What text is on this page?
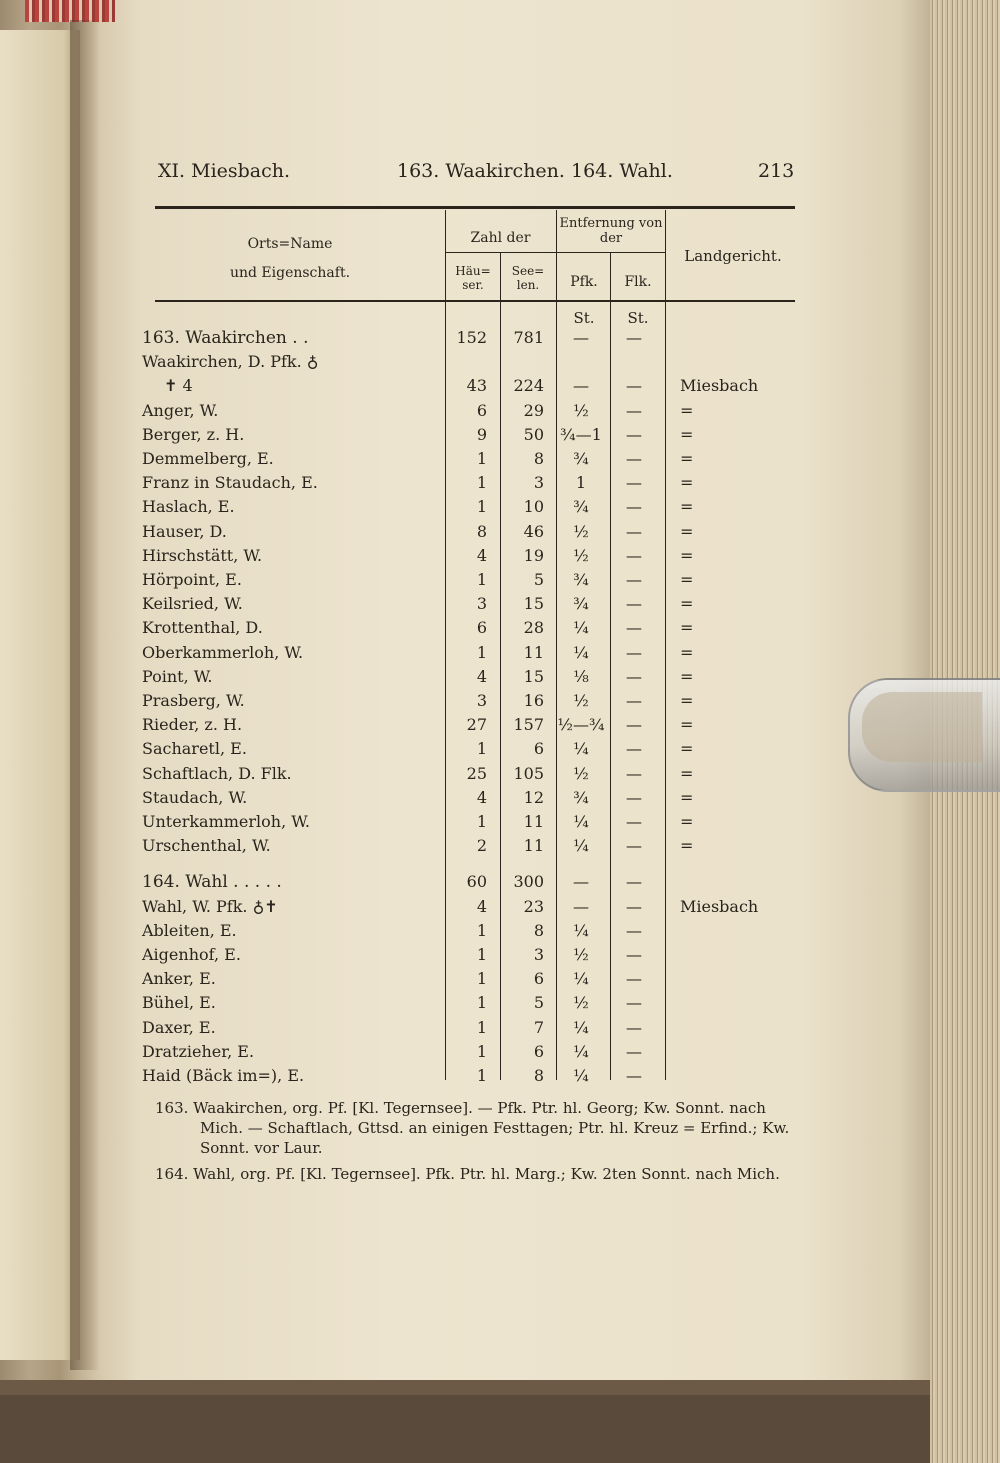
XI. Miesbach.	163. Waakirchen. 164. Wahl.	213
Orts=Name
und Eigenschaft.
Zahl der
Häu= ser.
See= len.
Entfernung von der
Pfk.	Flk.
Landgericht.
St.	St.
163. Waakirchen . .	152	781	—	—
Waakirchen, D. Pfk. ♁
✝ 4	43	224	—	—	Miesbach
Anger, W.	6	29	½	—	=
Berger, z. H.	9	50 ¾—1	—	=
Demmelberg, E.	1	8	¾	—	=
Franz in Staudach, E.	1	3	1	—	=
Haslach, E.	1	10	¾	—	=
Hauser, D.	8	46	½	—	=
Hirschstätt, W.	4	19	½	—	=
Hörpoint, E.	1	5	¾	—	=
Keilsried, W.	3	15	¾	—	=
Krottenthal, D.	6	28	¼	—	=
Oberkammerloh, W.	1	11	¼	—	=
Point, W.	4	15	⅛	—	=
Prasberg, W.	3	16	½	—	=
Rieder, z. H.	27	157 ½—¾	—	=
Sacharetl, E.	1	6	¼	—	=
Schaftlach, D. Flk.	25	105	½	—	=
Staudach, W.	4	12	¾	—	=
Unterkammerloh, W.	1	11	¼	—	=
Urschenthal, W.	2	11	¼	—	=
164. Wahl . . . . .	60	300	—	—
Wahl, W. Pfk. ♁✝	4	23	—	—	Miesbach
Ableiten, E.	1	8	¼	—
Aigenhof, E.	1	3	½	—
Anker, E.	1	6	¼	—
Bühel, E.	1	5	½	—
Daxer, E.	1	7	¼	—
Dratzieher, E.	1	6	¼	—
Haid (Bäck im=), E.	1	8	¼	—
163. Waakirchen, org. Pf. [Kl. Tegernsee]. — Pfk. Ptr. hl. Georg; Kw. Sonnt. nach Mich. — Schaftlach, Gttsd. an einigen Festtagen; Ptr. hl. Kreuz = Erfind.; Kw. Sonnt. vor Laur.
164. Wahl, org. Pf. [Kl. Tegernsee]. Pfk. Ptr. hl. Marg.; Kw. 2ten Sonnt. nach Mich.
